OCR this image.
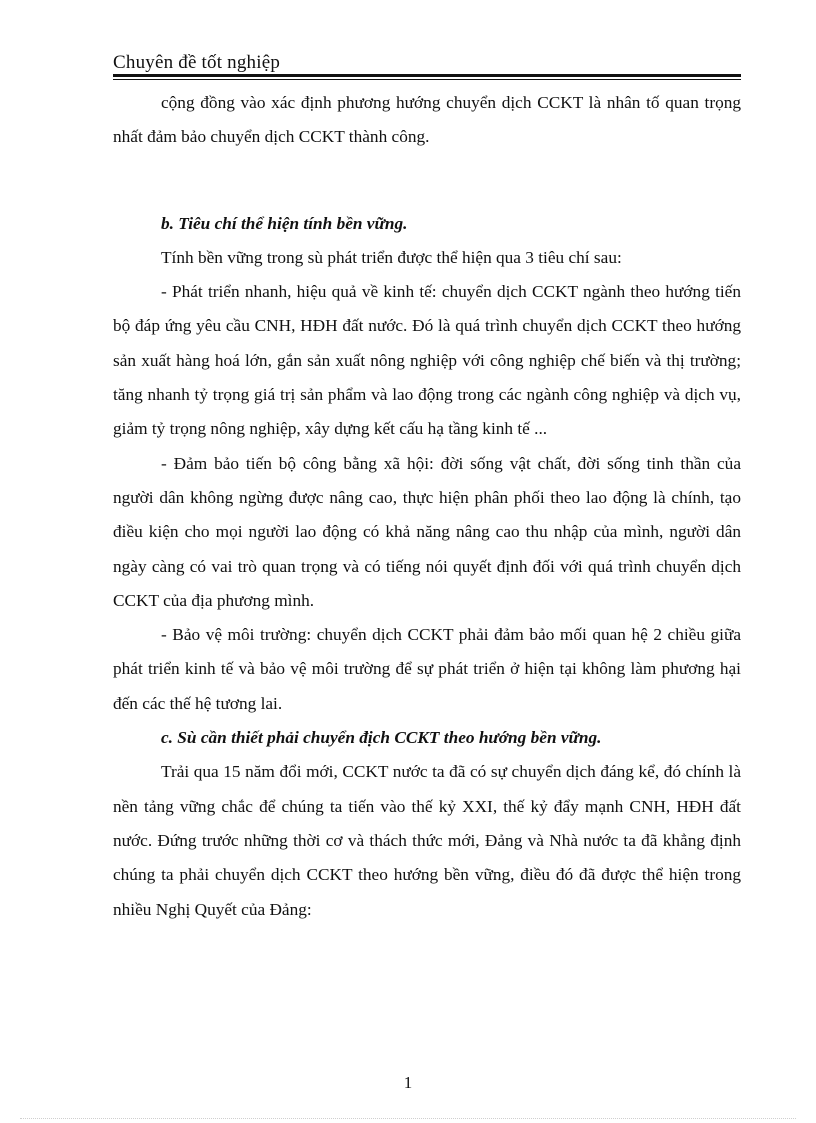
Chuyên đề tốt nghiệp

cộng đồng vào xác định phương hướng chuyển dịch CCKT là nhân tố quan trọng nhất đảm bảo chuyển dịch CCKT thành công.

b. Tiêu chí thể hiện tính bền vững.

Tính bền vững trong sù phát triển được thể hiện qua 3 tiêu chí sau:

- Phát triển nhanh, hiệu quả về kinh tế: chuyển dịch CCKT ngành theo hướng tiến bộ đáp ứng yêu cầu CNH, HĐH đất nước. Đó là quá trình chuyển dịch CCKT theo hướng sản xuất hàng hoá lớn, gắn sản xuất nông nghiệp với công nghiệp chế biến và thị trường; tăng nhanh tỷ trọng giá trị sản phẩm và lao động trong các ngành công nghiệp và dịch vụ, giảm tỷ trọng nông nghiệp, xây dựng kết cấu hạ tầng kinh tế ...

- Đảm bảo tiến bộ công bằng xã hội: đời sống vật chất, đời sống tinh thần của người dân không ngừng được nâng cao, thực hiện phân phối theo lao động là chính, tạo điều kiện cho mọi người lao động có khả năng nâng cao thu nhập của mình, người dân ngày càng có vai trò quan trọng và có tiếng nói quyết định đối với quá trình chuyển dịch CCKT của địa phương mình.

- Bảo vệ môi trường: chuyển dịch CCKT phải đảm bảo mối quan hệ 2 chiều giữa phát triển kinh tế và bảo vệ môi trường để sự phát triển ở hiện tại không làm phương hại đến các thế hệ tương lai.

c. Sù cần thiết phải chuyển địch CCKT theo hướng bền vững.

Trải qua 15 năm đổi mới, CCKT nước ta đã có sự chuyển dịch đáng kể, đó chính là nền tảng vững chắc để chúng ta tiến vào thế kỷ XXI, thế kỷ đẩy mạnh CNH, HĐH đất nước. Đứng trước những thời cơ và thách thức mới, Đảng và Nhà nước ta đã khẳng định chúng ta phải chuyển dịch CCKT theo hướng bền vững, điều đó đã được thể hiện trong nhiều Nghị Quyết của Đảng:

1
